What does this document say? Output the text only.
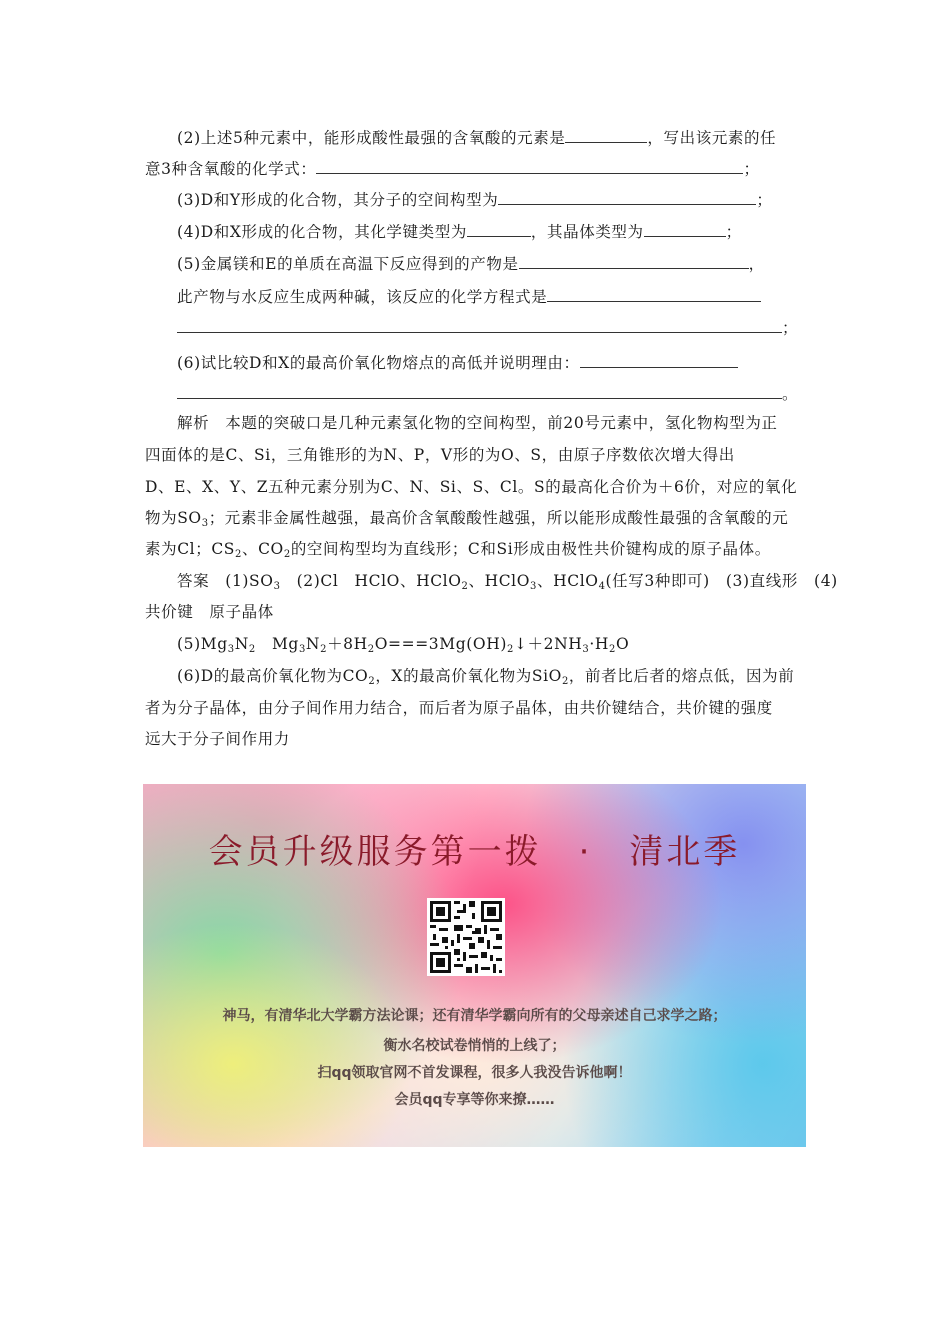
(2)上述5种元素中，能形成酸性最强的含氧酸的元素是	，写出该元素的任
意3种含氧酸的化学式：	；
(3)D和Y形成的化合物，其分子的空间构型为	；
(4)D和X形成的化合物，其化学键类型为	，其晶体类型为	；
(5)金属镁和E的单质在高温下反应得到的产物是	，
此产物与水反应生成两种碱，该反应的化学方程式是
；
(6)试比较D和X的最高价氧化物熔点的高低并说明理由：
。
解析　本题的突破口是几种元素氢化物的空间构型，前20号元素中，氢化物构型为正
四面体的是C、Si，三角锥形的为N、P，V形的为O、S，由原子序数依次增大得出
D、E、X、Y、Z五种元素分别为C、N、Si、S、Cl。S的最高化合价为＋6价，对应的氧化
物为$SO_3$；元素非金属性越强，最高价含氧酸酸性越强，所以能形成酸性最强的含氧酸的元
素为Cl；$CS_2$、$CO_2$的空间构型均为直线形；C和Si形成由极性共价键构成的原子晶体。
答案　$(1)SO_3$　(2)Cl　HClO、HClO$_2$、HClO$_3$、HClO$_4$(任写3种即可)　(3)直线形　(4)
共价键　原子晶体
$(5)Mg_3N_2$　$Mg_3N_2+8H_2O===3Mg(OH)_2↓+2NH_3\cdot H_2O$
(6)D的最高价氧化物为$CO_2$，X的最高价氧化物为SiO$_2$，前者比后者的熔点低，因为前
者为分子晶体，由分子间作用力结合，而后者为原子晶体，由共价键结合，共价键的强度
远大于分子间作用力
会员升级服务第一拨　·　清北季
神马，有清华北大学霸方法论课；还有清华学霸向所有的父母亲述自己求学之路；
衡水名校试卷悄悄的上线了；
扫qq领取官网不首发课程，很多人我没告诉他啊！
会员qq专享等你来撩……
